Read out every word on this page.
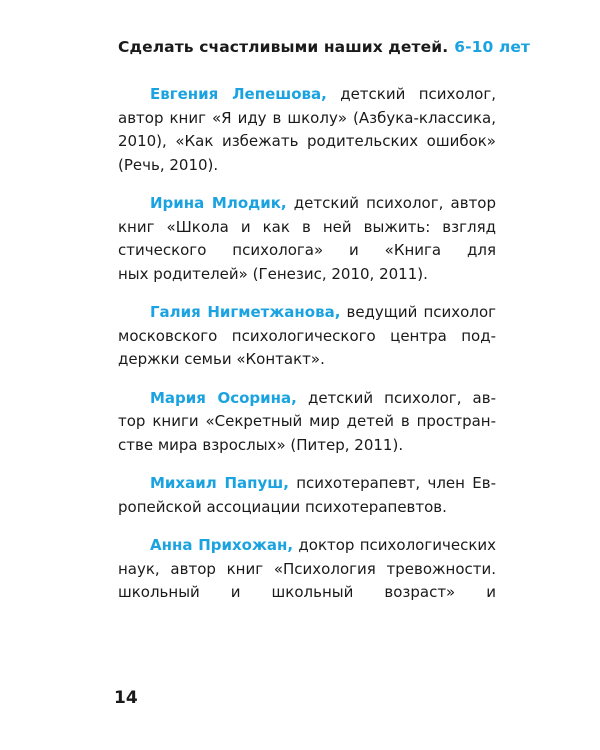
Сделать счастливыми наших детей. 6-10 лет
Евгения Лепешова, детский психолог,
автор книг «Я иду в школу» (Азбука-классика,
2010), «Как избежать родительских ошибок»
(Речь, 2010).
Ирина Млодик, детский психолог, автор
книг «Школа и как в ней выжить: взгляд
стического психолога» и «Книга для
ных родителей» (Генезис, 2010, 2011).
Галия Нигметжанова, ведущий психолог
московского психологического центра под-
держки семьи «Контакт».
Мария Осорина, детский психолог, ав-
тор книги «Секретный мир детей в простран-
стве мира взрослых» (Питер, 2011).
Михаил Папуш, психотерапевт, член Ев-
ропейской ассоциации психотерапевтов.
Анна Прихожан, доктор психологических
наук, автор книг «Психология тревожности.
школьный и школьный возраст» и
14
